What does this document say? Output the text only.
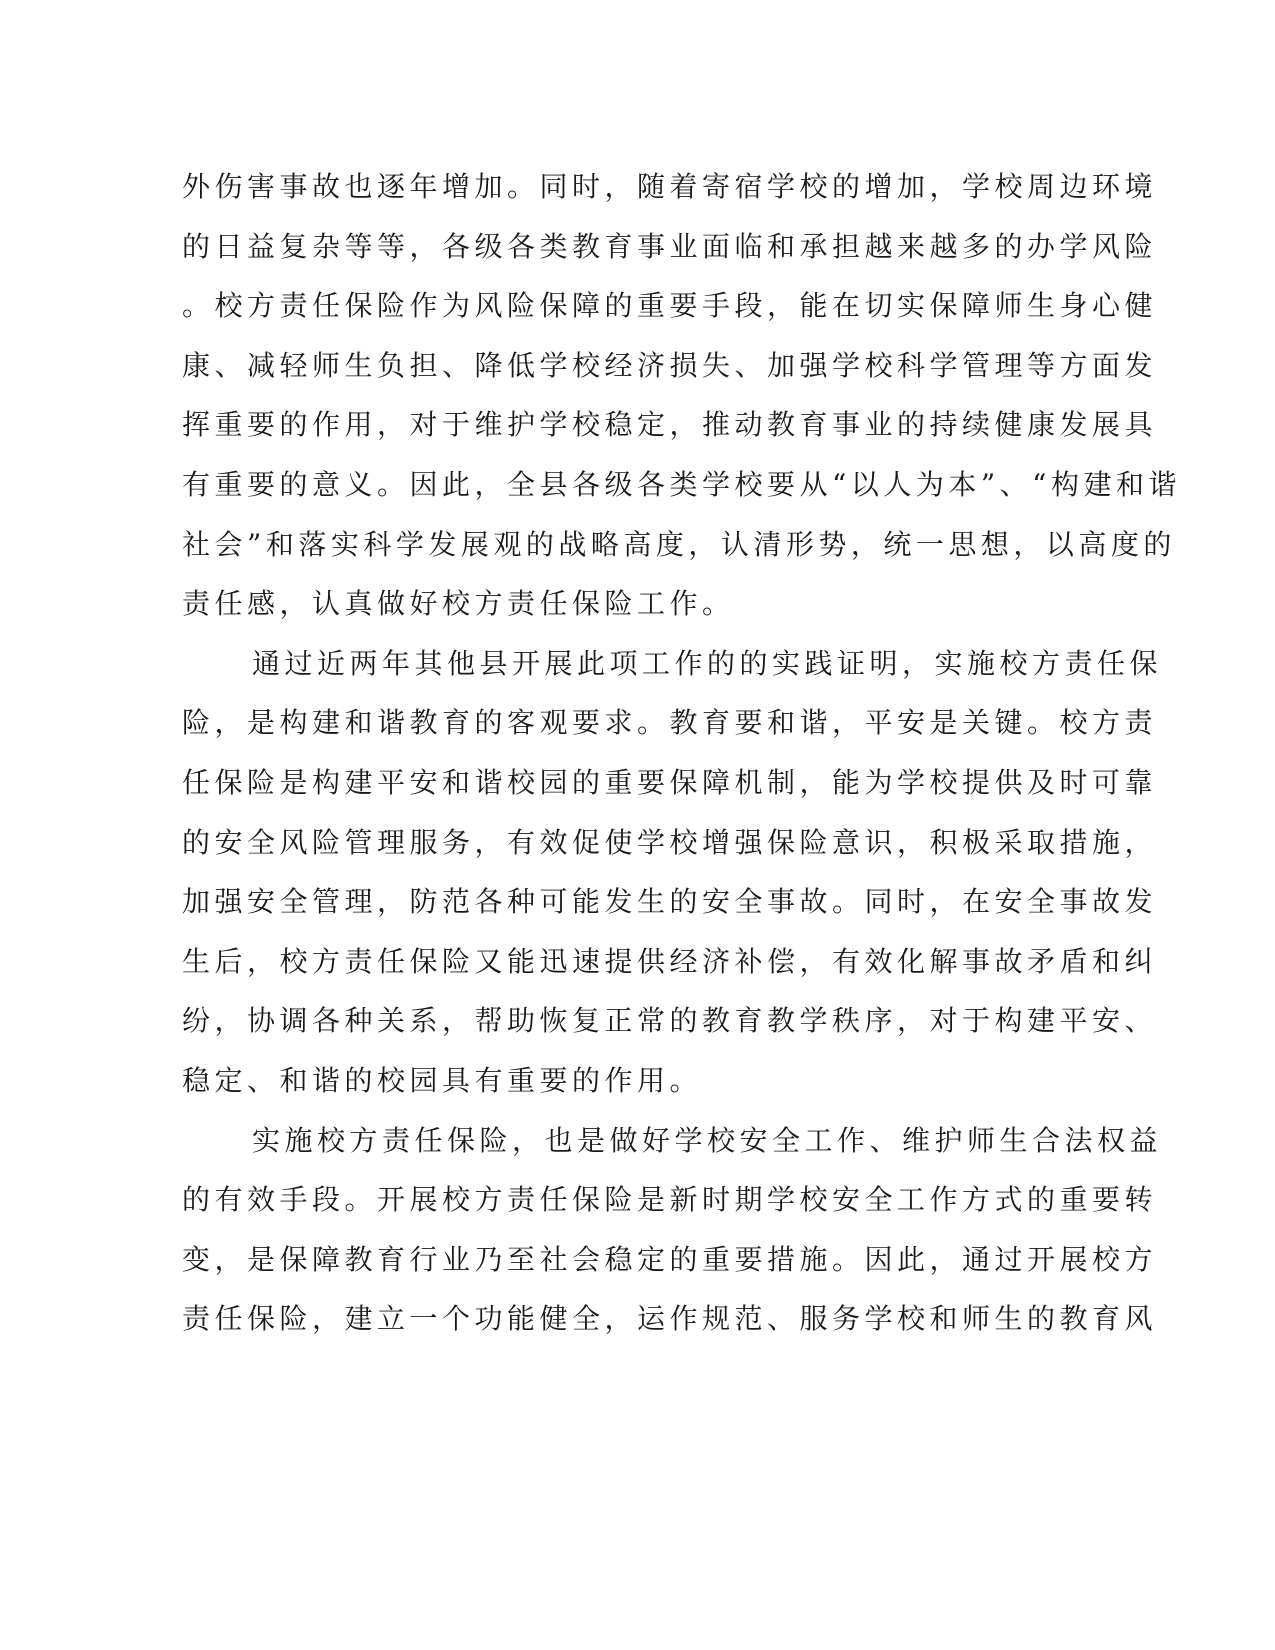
外伤害事故也逐年增加。同时，随着寄宿学校的增加，学校周边环境
的日益复杂等等，各级各类教育事业面临和承担越来越多的办学风险
。校方责任保险作为风险保障的重要手段，能在切实保障师生身心健
康、减轻师生负担、降低学校经济损失、加强学校科学管理等方面发
挥重要的作用，对于维护学校稳定，推动教育事业的持续健康发展具
有重要的意义。因此，全县各级各类学校要从“以人为本”、“构建和谐
社会”和落实科学发展观的战略高度，认清形势，统一思想，以高度的
责任感，认真做好校方责任保险工作。
通过近两年其他县开展此项工作的的实践证明，实施校方责任保
险，是构建和谐教育的客观要求。教育要和谐，平安是关键。校方责
任保险是构建平安和谐校园的重要保障机制，能为学校提供及时可靠
的安全风险管理服务，有效促使学校增强保险意识，积极采取措施，
加强安全管理，防范各种可能发生的安全事故。同时，在安全事故发
生后，校方责任保险又能迅速提供经济补偿，有效化解事故矛盾和纠
纷，协调各种关系，帮助恢复正常的教育教学秩序，对于构建平安、
稳定、和谐的校园具有重要的作用。
实施校方责任保险，也是做好学校安全工作、维护师生合法权益
的有效手段。开展校方责任保险是新时期学校安全工作方式的重要转
变，是保障教育行业乃至社会稳定的重要措施。因此，通过开展校方
责任保险，建立一个功能健全，运作规范、服务学校和师生的教育风
